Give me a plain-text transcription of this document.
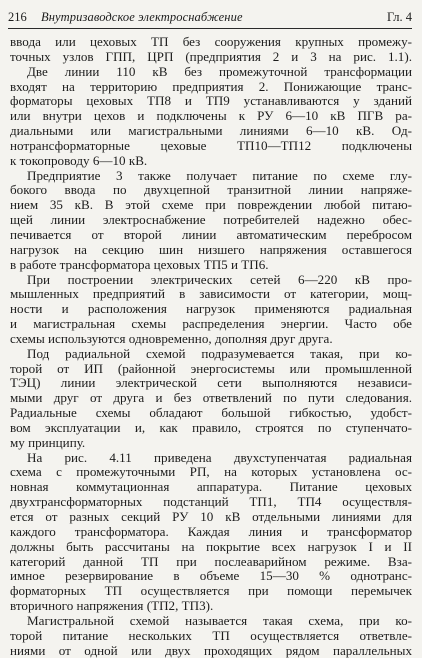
216 Внутризаводское электроснабжение	Гл. 4
ввода или цеховых ТП без сооружения крупных промежу-
точных узлов ГПП, ЦРП (предприятия 2 и 3 на рис. 1.1).
Две линии 110 кВ без промежуточной трансформации
входят на территорию предприятия 2. Понижающие транс-
форматоры цеховых ТП8 и ТП9 устанавливаются у зданий
или внутри цехов и подключены к РУ 6—10 кВ ПГВ ра-
диальными или магистральными линиями 6—10 кВ. Од-
нотрансформаторные цеховые ТП10—ТП12 подключены
к токопроводу 6—10 кВ.
Предприятие 3 также получает питание по схеме глу-
бокого ввода по двухцепной транзитной линии напряже-
нием 35 кВ. В этой схеме при повреждении любой питаю-
щей линии электроснабжение потребителей надежно обес-
печивается от второй линии автоматическим переброcом
нагрузок на секцию шин низшего напряжения оставшегося
в работе трансформатора цеховых ТП5 и ТП6.
При построении электрических сетей 6—220 кВ про-
мышленных предприятий в зависимости от категории, мощ-
ности и расположения нагрузок применяются радиальная
и магистральная схемы распределения энергии. Часто обе
схемы используются одновременно, дополняя друг друга.
Под радиальной схемой подразумевается такая, при ко-
торой от ИП (районной энергосистемы или промышленной
ТЭЦ) линии электрической сети выполняются независи-
мыми друг от друга и без ответвлений по пути следования.
Радиальные схемы обладают большой гибкостью, удобст-
вом эксплуатации и, как правило, строятся по ступенчато-
му принципу.
На рис. 4.11 приведена двухступенчатая радиальная
схема с промежуточными РП, на которых установлена ос-
новная коммутационная аппаратура. Питание цеховых
двухтрансформаторных подстанций ТП1, ТП4 осуществля-
ется от разных секций РУ 10 кВ отдельными линиями для
каждого трансформатора. Каждая линия и трансформатор
должны быть рассчитаны на покрытие всех нагрузок I и II
категорий данной ТП при послеаварийном режиме. Вза-
имное резервирование в объеме 15—30 % однотранс-
форматорных ТП осуществляется при помощи перемычек
вторичного напряжения (ТП2, ТП3).
Магистральной схемой называется такая схема, при ко-
торой питание нескольких ТП осуществляется ответвле-
ниями от одной или двух проходящих рядом параллельных
